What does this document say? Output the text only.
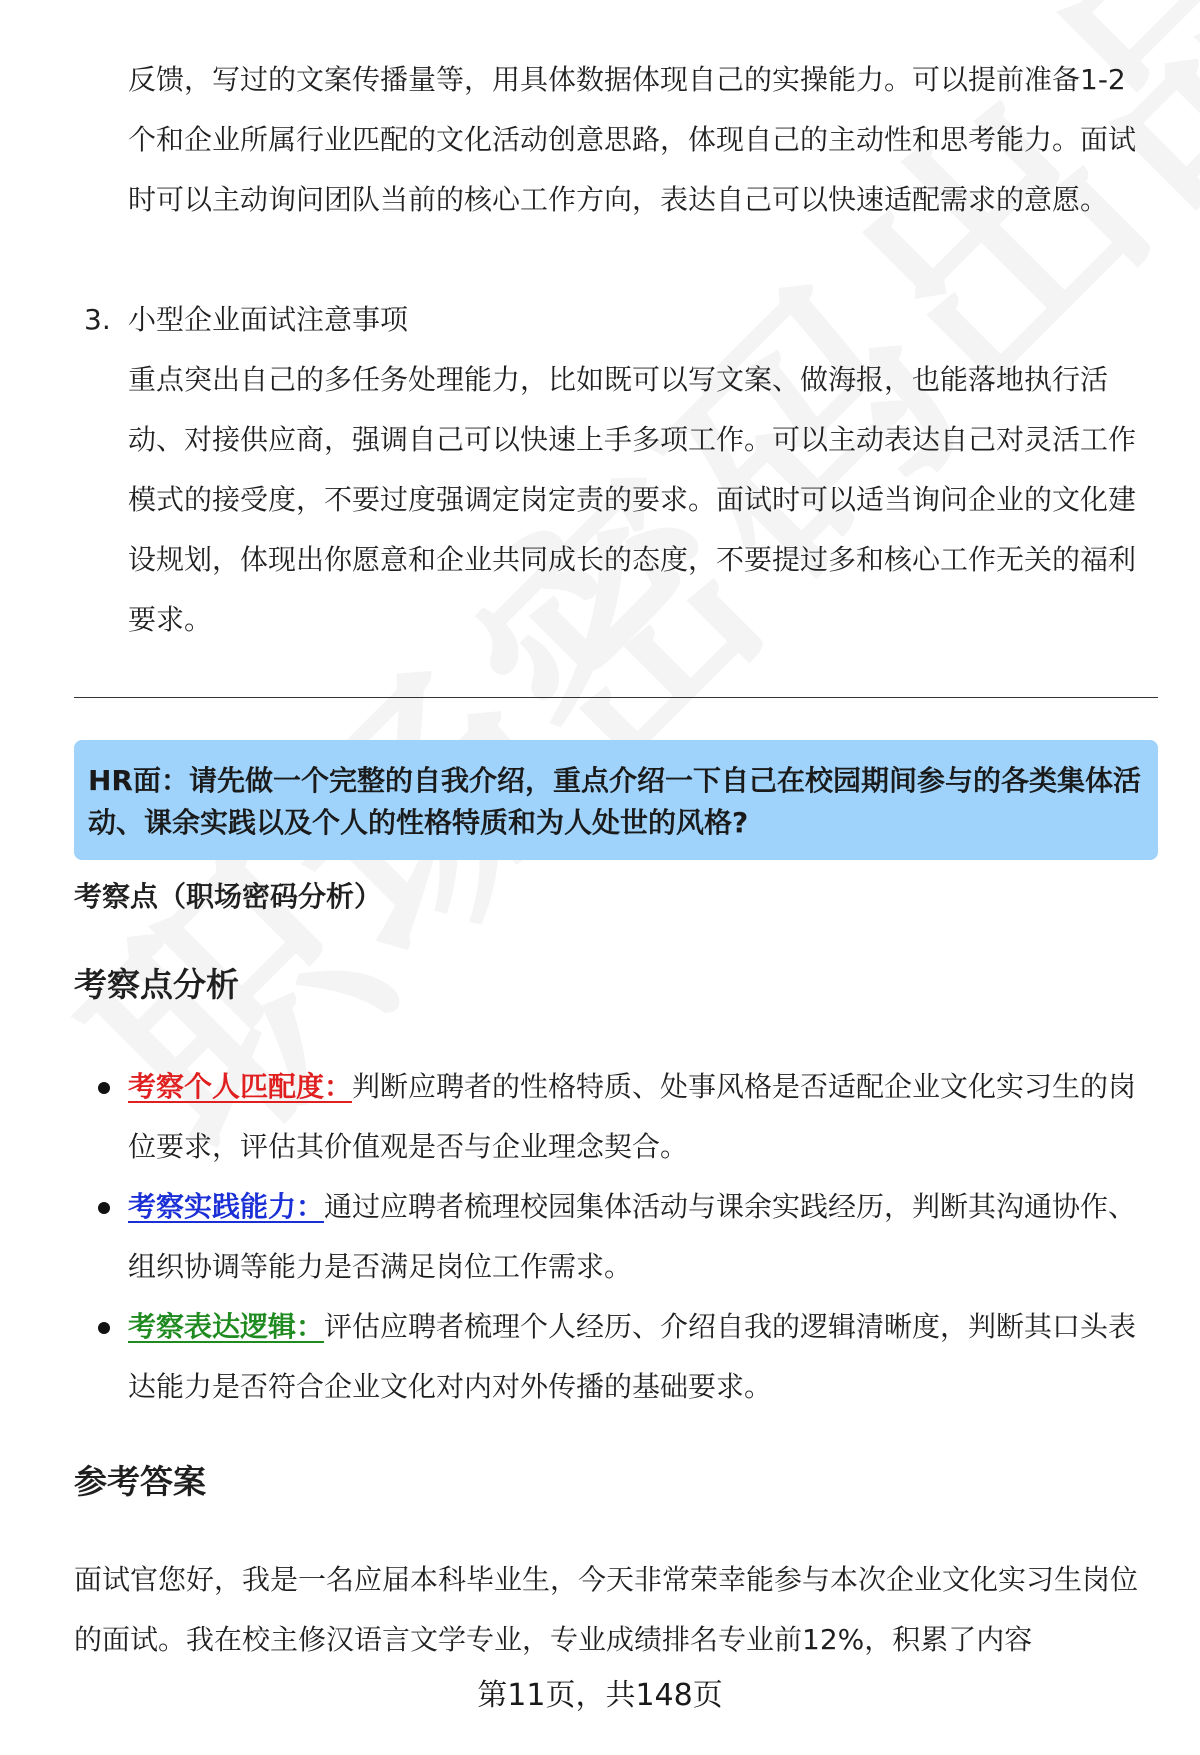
反馈，写过的文案传播量等，用具体数据体现自己的实操能力。可以提前准备1-2个和企业所属行业匹配的文化活动创意思路，体现自己的主动性和思考能力。面试时可以主动询问团队当前的核心工作方向，表达自己可以快速适配需求的意愿。
3. 小型企业面试注意事项
重点突出自己的多任务处理能力，比如既可以写文案、做海报，也能落地执行活动、对接供应商，强调自己可以快速上手多项工作。可以主动表达自己对灵活工作模式的接受度，不要过度强调定岗定责的要求。面试时可以适当询问企业的文化建设规划，体现出你愿意和企业共同成长的态度，不要提过多和核心工作无关的福利要求。
HR面：请先做一个完整的自我介绍，重点介绍一下自己在校园期间参与的各类集体活动、课余实践以及个人的性格特质和为人处世的风格?
考察点（职场密码分析）
考察点分析
考察个人匹配度：判断应聘者的性格特质、处事风格是否适配企业文化实习生的岗位要求，评估其价值观是否与企业理念契合。
考察实践能力：通过应聘者梳理校园集体活动与课余实践经历，判断其沟通协作、组织协调等能力是否满足岗位工作需求。
考察表达逻辑：评估应聘者梳理个人经历、介绍自我的逻辑清晰度，判断其口头表达能力是否符合企业文化对内对外传播的基础要求。
参考答案
面试官您好，我是一名应届本科毕业生，今天非常荣幸能参与本次企业文化实习生岗位的面试。我在校主修汉语言文学专业，专业成绩排名专业前12%，积累了内容
第11页，共148页
